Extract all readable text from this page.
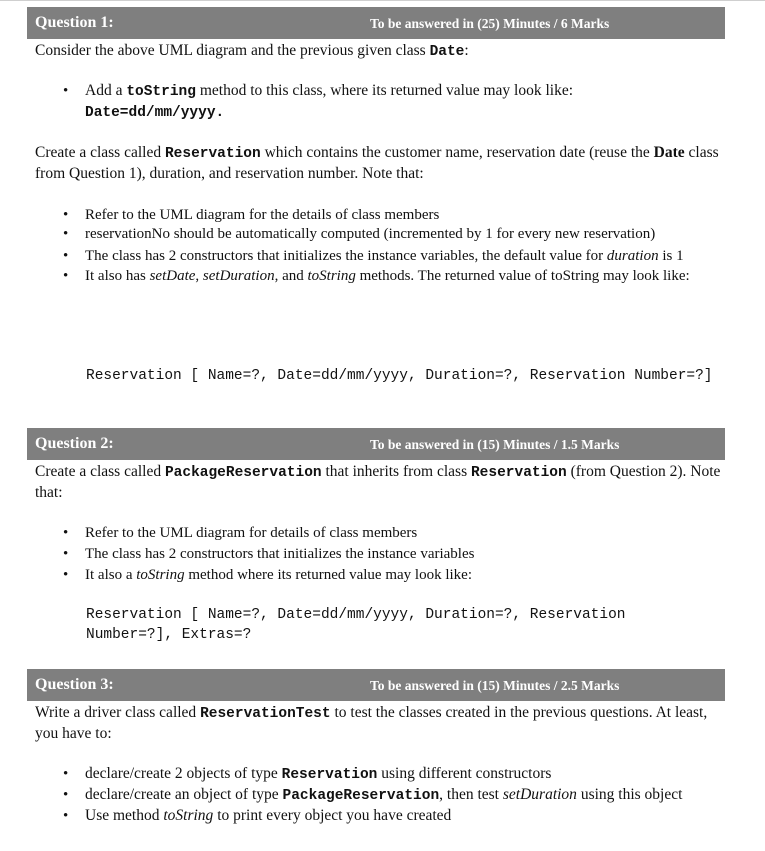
Question 1:	To be answered in (25) Minutes / 6 Marks
Consider the above UML diagram and the previous given class Date:
• Add a toString method to this class, where its returned value may look like:
Date=dd/mm/yyyy.
Create a class called Reservation which contains the customer name, reservation date (reuse the Date class from Question 1), duration, and reservation number. Note that:
• Refer to the UML diagram for the details of class members
• reservationNo should be automatically computed (incremented by 1 for every new reservation)
• The class has 2 constructors that initializes the instance variables, the default value for duration is 1
• It also has setDate, setDuration, and toString methods. The returned value of toString may look like:
Reservation [ Name=?, Date=dd/mm/yyyy, Duration=?, Reservation Number=?]
Question 2:	To be answered in (15) Minutes / 1.5 Marks
Create a class called PackageReservation that inherits from class Reservation (from Question 2). Note that:
• Refer to the UML diagram for details of class members
• The class has 2 constructors that initializes the instance variables
• It also a toString method where its returned value may look like:
Reservation [ Name=?, Date=dd/mm/yyyy, Duration=?, Reservation Number=?], Extras=?
Question 3:	To be answered in (15) Minutes / 2.5 Marks
Write a driver class called ReservationTest to test the classes created in the previous questions. At least, you have to:
• declare/create 2 objects of type Reservation using different constructors
• declare/create an object of type PackageReservation, then test setDuration using this object
• Use method toString to print every object you have created
